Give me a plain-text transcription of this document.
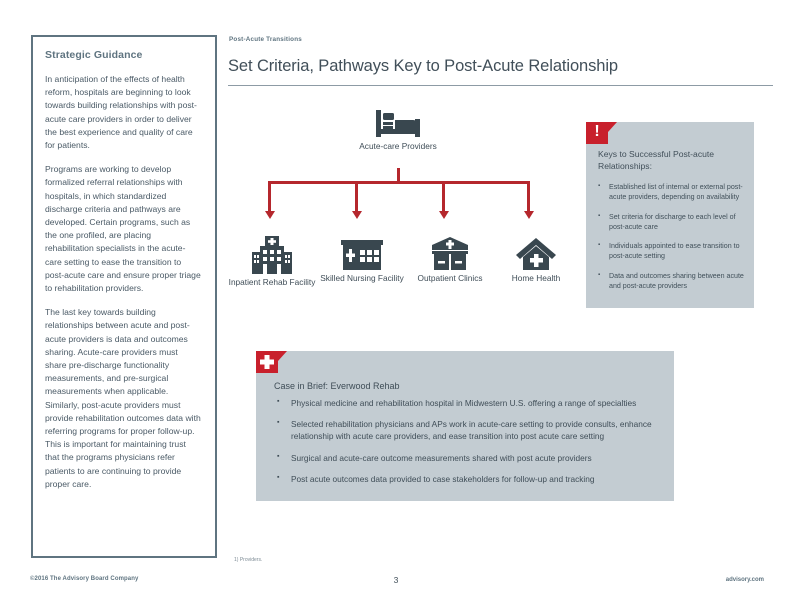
Strategic Guidance

In anticipation of the effects of health reform, hospitals are beginning to look towards building relationships with post-acute care providers in order to deliver the best experience and quality of care for patients.

Programs are working to develop formalized referral relationships with hospitals, in which standardized discharge criteria and pathways are developed. Certain programs, such as the one profiled, are placing rehabilitation specialists in the acute-care setting to ease the transition to post-acute care and ensure proper triage to rehabilitation providers.

The last key towards building relationships between acute and post-acute providers is data and outcomes sharing. Acute-care providers must share pre-discharge functionality measurements, and pre-surgical measurements when applicable. Similarly, post-acute providers must provide rehabilitation outcomes data with referring programs for proper follow-up. This is important for maintaining trust that the programs physicians refer patients to are continuing to provide proper care.

Post-Acute Transitions
Set Criteria, Pathways Key to Post-Acute Relationship
Acute-care Providers
Inpatient Rehab Facility Skilled Nursing Facility	Outpatient Clinics	Home Health
!
Keys to Successful Post-acute Relationships:
▪ Established list of internal or external post-acute providers, depending on availability
▪ Set criteria for discharge to each level of post-acute care
▪ Individuals appointed to ease transition to post-acute setting
▪ Data and outcomes sharing between acute and post-acute providers
Case in Brief: Everwood Rehab
▪ Physical medicine and rehabilitation hospital in Midwestern U.S. offering a range of specialties
▪ Selected rehabilitation physicians and APs work in acute-care setting to provide consults, enhance relationship with acute care providers, and ease transition into post acute care setting
▪ Surgical and acute-care outcome measurements shared with post acute providers
▪ Post acute outcomes data provided to case stakeholders for follow-up and tracking
1) Providers.
©2016 The Advisory Board Company	3	advisory.com
